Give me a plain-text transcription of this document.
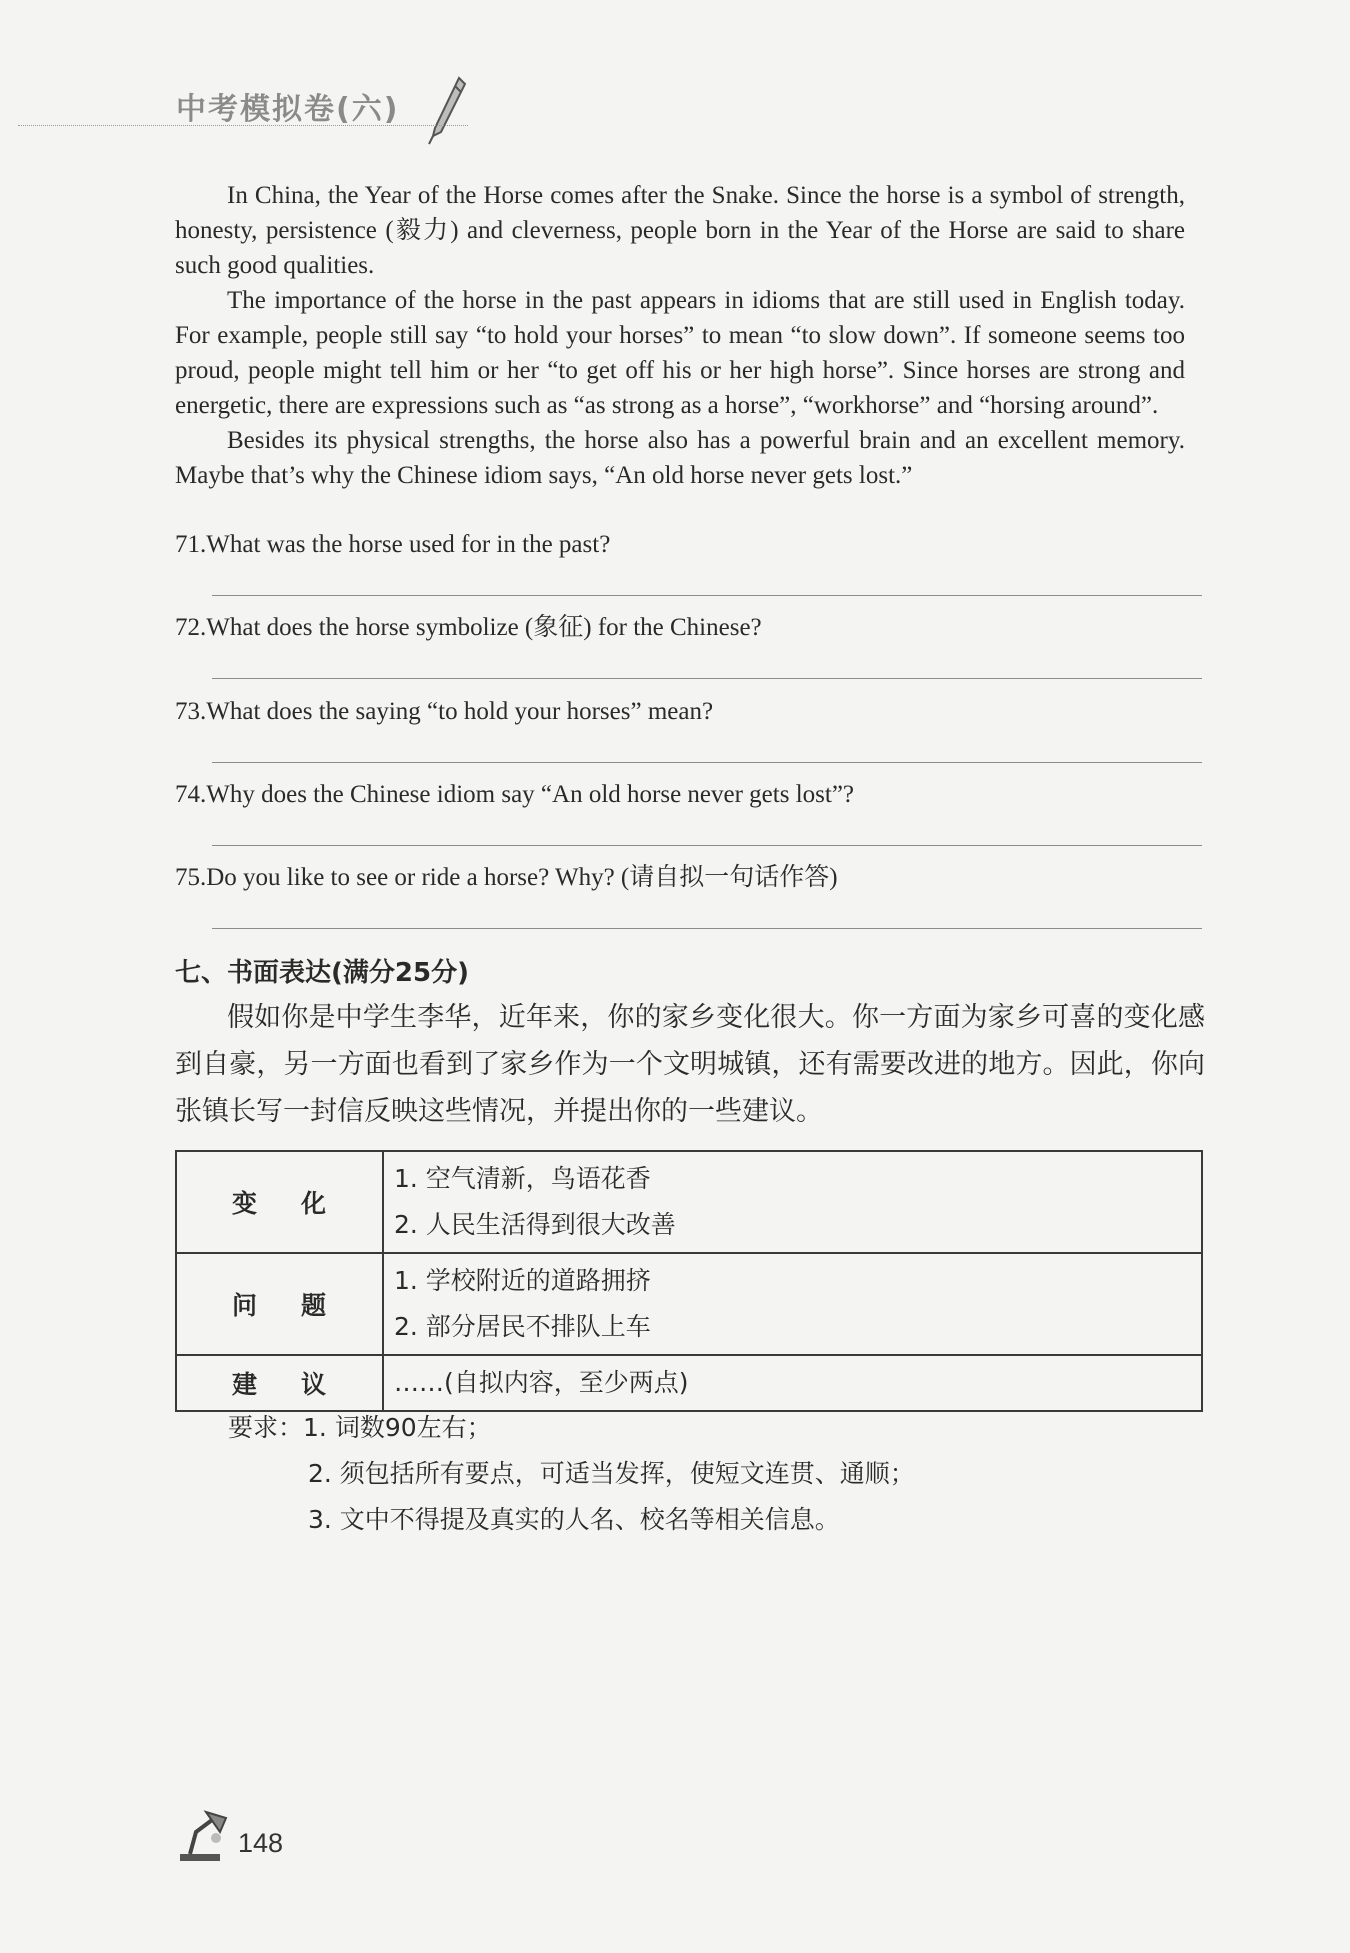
中考模拟卷(六)

In China, the Year of the Horse comes after the Snake. Since the horse is a symbol of strength, honesty, persistence (毅力) and cleverness, people born in the Year of the Horse are said to share such good qualities.

The importance of the horse in the past appears in idioms that are still used in English today. For example, people still say “to hold your horses” to mean “to slow down”. If someone seems too proud, people might tell him or her “to get off his or her high horse”. Since horses are strong and energetic, there are expressions such as “as strong as a horse”, “workhorse” and “horsing around”.

Besides its physical strengths, the horse also has a powerful brain and an excellent memory. Maybe that’s why the Chinese idiom says, “An old horse never gets lost.”

71.What was the horse used for in the past?
72.What does the horse symbolize (象征) for the Chinese?
73.What does the saying “to hold your horses” mean?
74.Why does the Chinese idiom say “An old horse never gets lost”?
75.Do you like to see or ride a horse? Why? (请自拟一句话作答)
七、书面表达(满分25分)
假如你是中学生李华，近年来，你的家乡变化很大。你一方面为家乡可喜的变化感到自豪，另一方面也看到了家乡作为一个文明城镇，还有需要改进的地方。因此，你向张镇长写一封信反映这些情况，并提出你的一些建议。
变化	1. 空气清新，鸟语花香
2. 人民生活得到很大改善

问题	1. 学校附近的道路拥挤
2. 部分居民不排队上车

建议	……(自拟内容，至少两点)
要求：1. 词数90左右；
2. 须包括所有要点，可适当发挥，使短文连贯、通顺；
3. 文中不得提及真实的人名、校名等相关信息。
148
